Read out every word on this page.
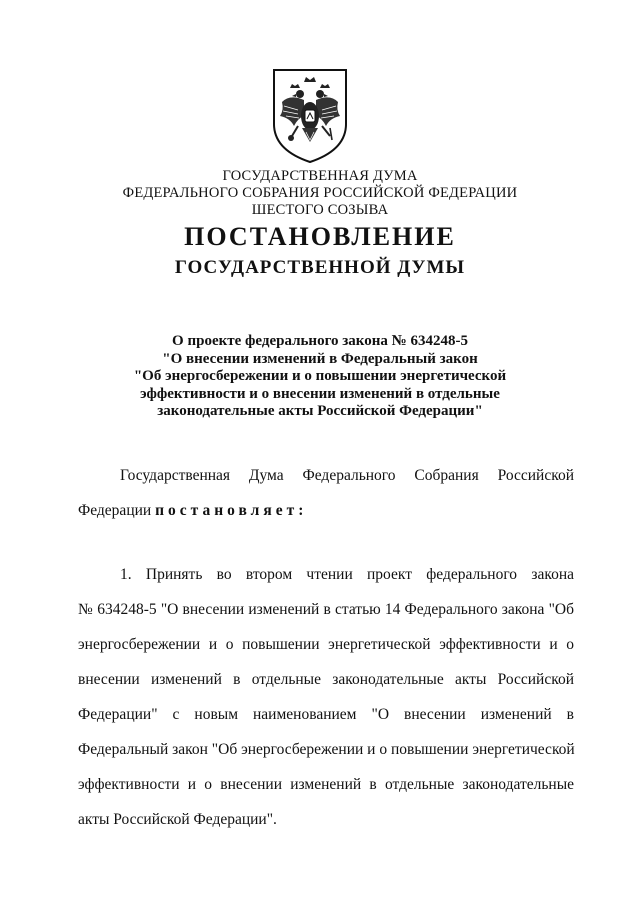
ГОСУДАРСТВЕННАЯ ДУМА
ФЕДЕРАЛЬНОГО СОБРАНИЯ РОССИЙСКОЙ ФЕДЕРАЦИИ
ШЕСТОГО СОЗЫВА
ПОСТАНОВЛЕНИЕ
ГОСУДАРСТВЕННОЙ ДУМЫ
О проекте федерального закона № 634248-5
"О внесении изменений в Федеральный закон
"Об энергосбережении и о повышении энергетической
эффективности и о внесении изменений в отдельные
законодательные акты Российской Федерации"
Государственная Дума Федерального Собрания Российской
Федерации постановляет:
1. Принять во втором чтении проект федерального закона
№ 634248-5 "О внесении изменений в статью 14 Федерального закона "Об
энергосбережении и о повышении энергетической эффективности и о
внесении изменений в отдельные законодательные акты Российской
Федерации" с новым наименованием "О внесении изменений в
Федеральный закон "Об энергосбережении и о повышении энергетической
эффективности и о внесении изменений в отдельные законодательные
акты Российской Федерации".
